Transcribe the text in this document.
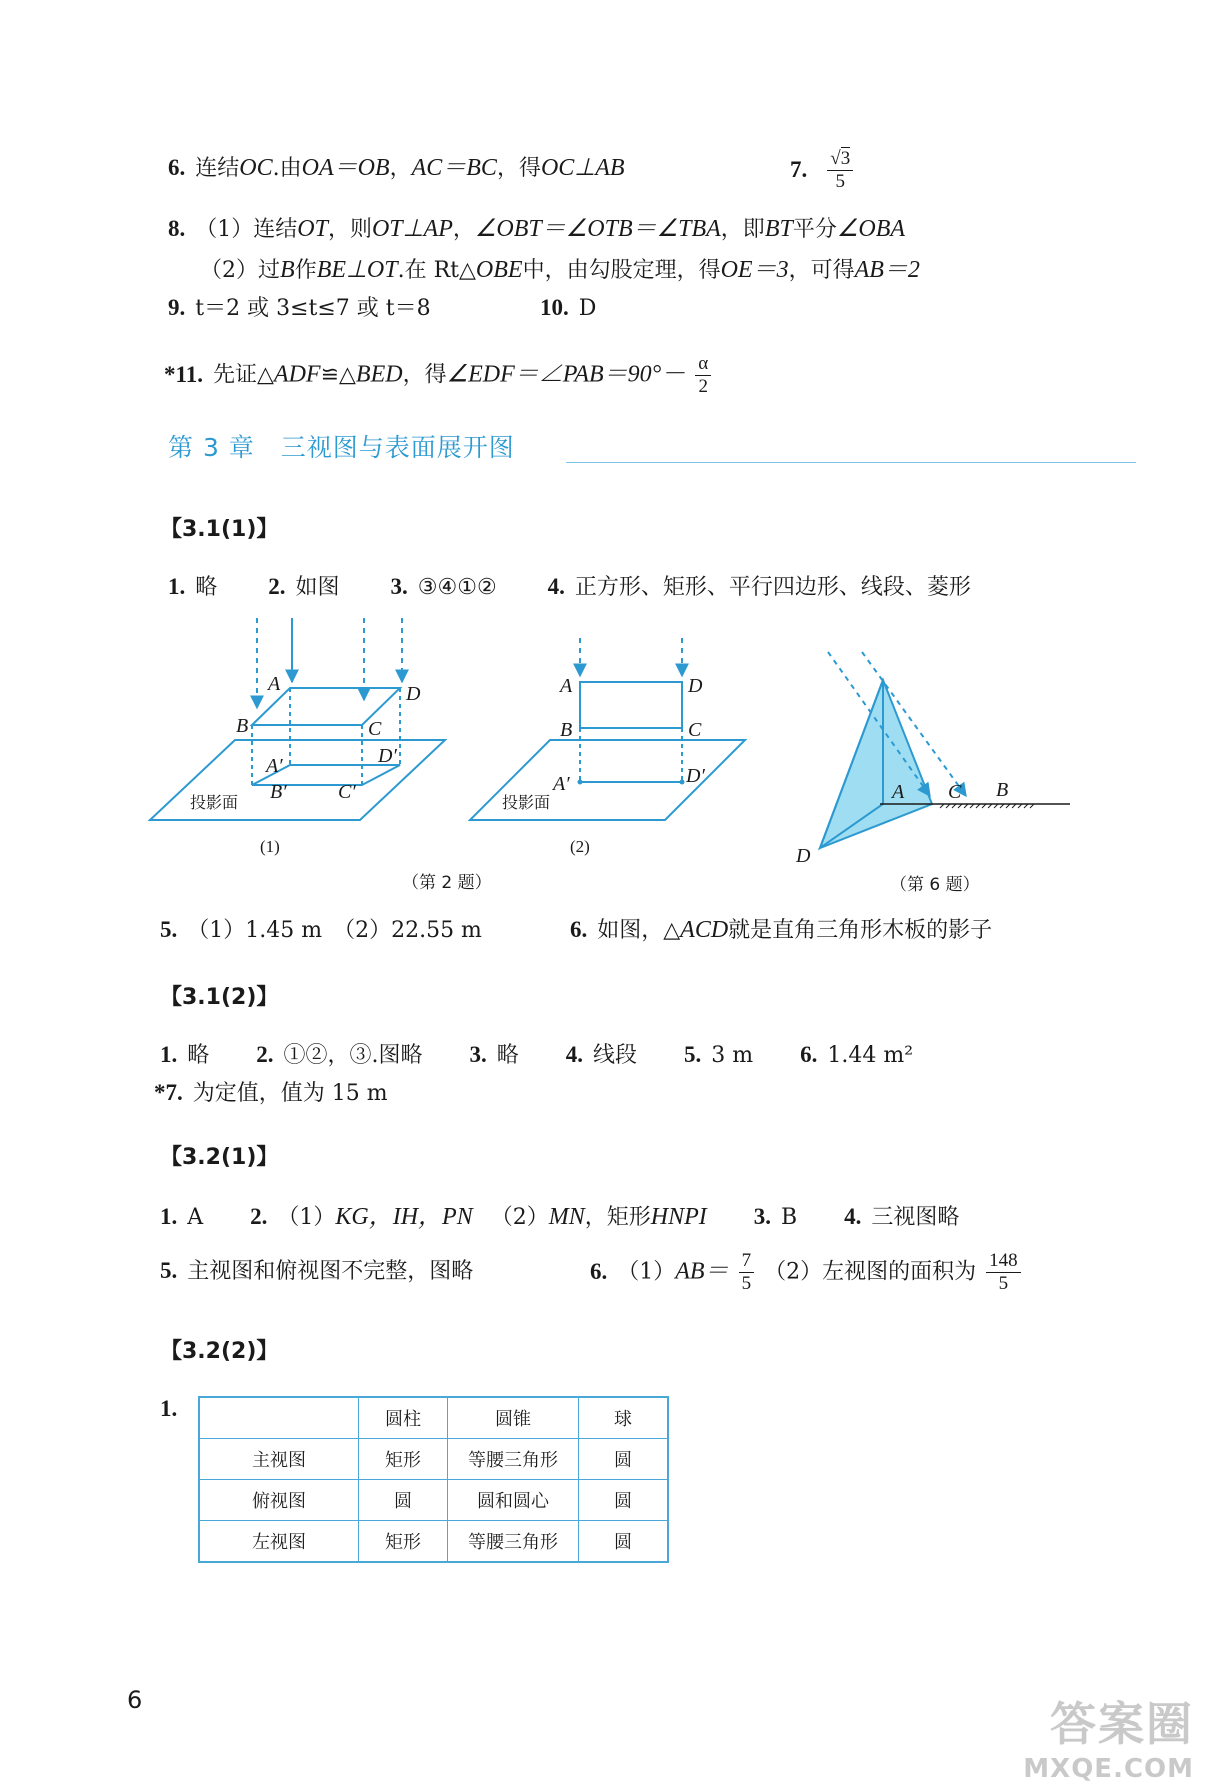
6. 连结OC.由OA＝OB，AC＝BC，得OC⊥AB	7. $\frac{√3}{5}$
8. （1）连结OT，则OT⊥AP，∠OBT＝∠OTB＝∠TBA，即BT平分∠OBA
（2）过B作BE⊥OT.在 Rt△OBE中，由勾股定理，得OE＝3，可得AB＝2
9. t＝2 或 3≤t≤7 或 t＝8	10. D
*11. 先证△ADF≌△BED，得∠EDF＝∠PAB＝90°－ $\frac{\alpha}{2}$
第 3 章　三视图与表面展开图
【3.1(1)】
1. 略 2. 如图 3. ③④①② 4. 正方形、矩形、平行四边形、线段、菱形
A	D
B	C
A′	D′
B′	C′
投影面
(1)
A	D
B	C
A′	D′
投影面
(2)
A C B
D
（第 2 题）	（第 6 题）
5. （1）1.45 m　（2）22.55 m	6. 如图，△ACD就是直角三角形木板的影子
【3.1(2)】
1. 略 2. ①②，③.图略 3. 略 4. 线段 5. 3 m 6. 1.44 m²
*7. 为定值，值为 15 m
【3.2(1)】
1. A 2. （1）KG，IH，PN （2）MN，矩形HNPI 3. B 4. 三视图略
5. 主视图和俯视图不完整，图略	6. $(1)AB= \frac{7}{5} (2)$左视图的面积为 $\frac{148}{5}$
【3.2(2)】
1.
		圆柱	圆锥	球
主视图	矩形	等腰三角形	圆
俯视图	圆	圆和圆心	圆
左视图	矩形	等腰三角形	圆
6	答案圈
MXQE.COM
